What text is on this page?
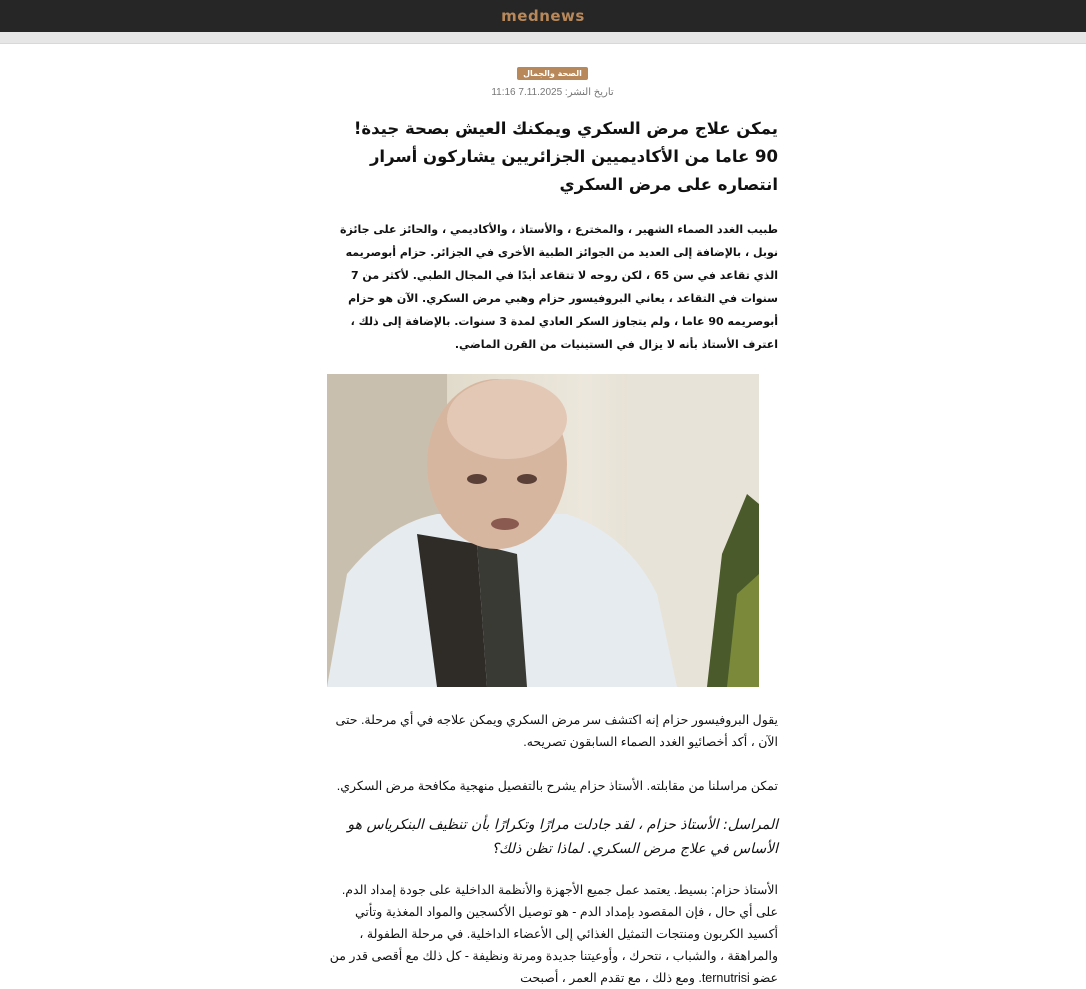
mednews
الصحة والجمال
تاريخ النشر: 7.11.2025 11:16
يمكن علاج مرض السكري ويمكنك العيش بصحة جيدة! 90 عاما من الأكاديميين الجزائريين يشاركون أسرار انتصاره على مرض السكري

طبيب الغدد الصماء الشهير ، والمخترع ، والأستاذ ، والأكاديمي ، والحائز على جائزة نوبل ، بالإضافة إلى العديد من الجوائز الطبية الأخرى في الجزائر. حزام أبوصريمه الذي تقاعد في سن 65 ، لكن روحه لا تتقاعد أبدًا في المجال الطبي. لأكثر من 7 سنوات في التقاعد ، يعاني البروفيسور حزام وهبي مرض السكري. الآن هو حزام أبوصريمه 90 عاما ، ولم يتجاوز السكر العادي لمدة 3 سنوات. بالإضافة إلى ذلك ، اعترف الأستاذ بأنه لا يزال في الستينيات من القرن الماضي.

يقول البروفيسور حزام إنه اكتشف سر مرض السكري ويمكن علاجه في أي مرحلة. حتى الآن ، أكد أخصائيو الغدد الصماء السابقون تصريحه.

تمكن مراسلنا من مقابلته. الأستاذ حزام يشرح بالتفصيل منهجية مكافحة مرض السكري.

المراسل: الأستاذ حزام ، لقد جادلت مرارًا وتكرارًا بأن تنظيف البنكرياس هو الأساس في علاج مرض السكري. لماذا تظن ذلك؟

الأستاذ حزام: بسيط. يعتمد عمل جميع الأجهزة والأنظمة الداخلية على جودة إمداد الدم. على أي حال ، فإن المقصود بإمداد الدم - هو توصيل الأكسجين والمواد المغذية وتأتي أكسيد الكربون ومنتجات التمثيل الغذائي إلى الأعضاء الداخلية. في مرحلة الطفولة ، والمراهقة ، والشباب ، نتحرك ، وأوعيتنا جديدة ومرنة ونظيفة - كل ذلك مع أقصى قدر من عضو ternutrisi. ومع ذلك ، مع تقدم العمر ، أصبحت
